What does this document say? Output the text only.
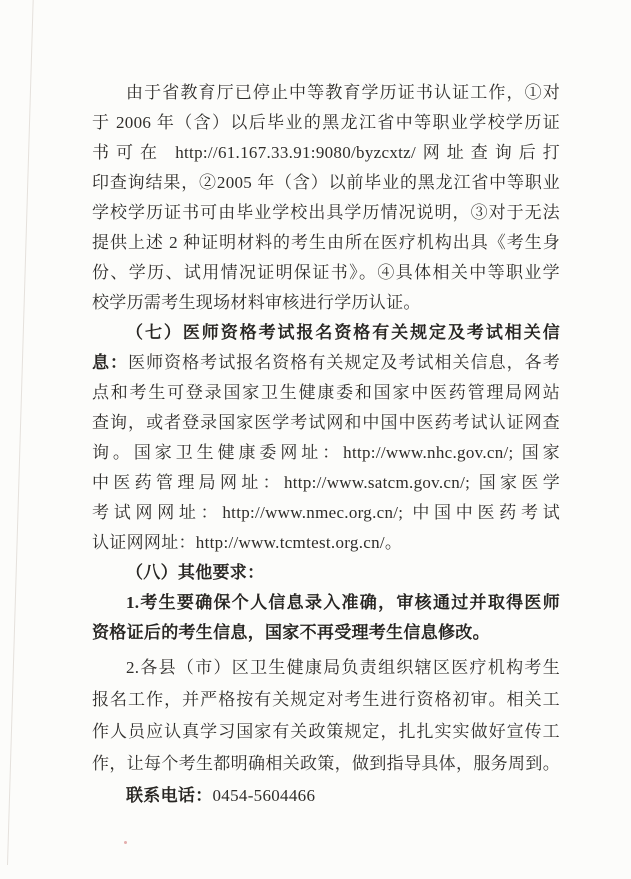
由于省教育厅已停止中等教育学历证书认证工作，①对
于 2006 年（含）以后毕业的黑龙江省中等职业学校学历证
书可在 http://61.167.33.91:9080/byzcxtz/网址查询后打
印查询结果，②2005 年（含）以前毕业的黑龙江省中等职业
学校学历证书可由毕业学校出具学历情况说明，③对于无法
提供上述 2 种证明材料的考生由所在医疗机构出具《考生身
份、学历、试用情况证明保证书》。④具体相关中等职业学
校学历需考生现场材料审核进行学历认证。
（七）医师资格考试报名资格有关规定及考试相关信
息：医师资格考试报名资格有关规定及考试相关信息，各考
点和考生可登录国家卫生健康委和国家中医药管理局网站
查询，或者登录国家医学考试网和中国中医药考试认证网查
询。国家卫生健康委网址：http://www.nhc.gov.cn/; 国家
中医药管理局网址：http://www.satcm.gov.cn/; 国家医学
考试网网址：http://www.nmec.org.cn/; 中国中医药考试
认证网网址：http://www.tcmtest.org.cn/。
（八）其他要求：
1.考生要确保个人信息录入准确，审核通过并取得医师
资格证后的考生信息，国家不再受理考生信息修改。
2.各县（市）区卫生健康局负责组织辖区医疗机构考生
报名工作，并严格按有关规定对考生进行资格初审。相关工
作人员应认真学习国家有关政策规定，扎扎实实做好宣传工
作，让每个考生都明确相关政策，做到指导具体，服务周到。
联系电话：0454-5604466
